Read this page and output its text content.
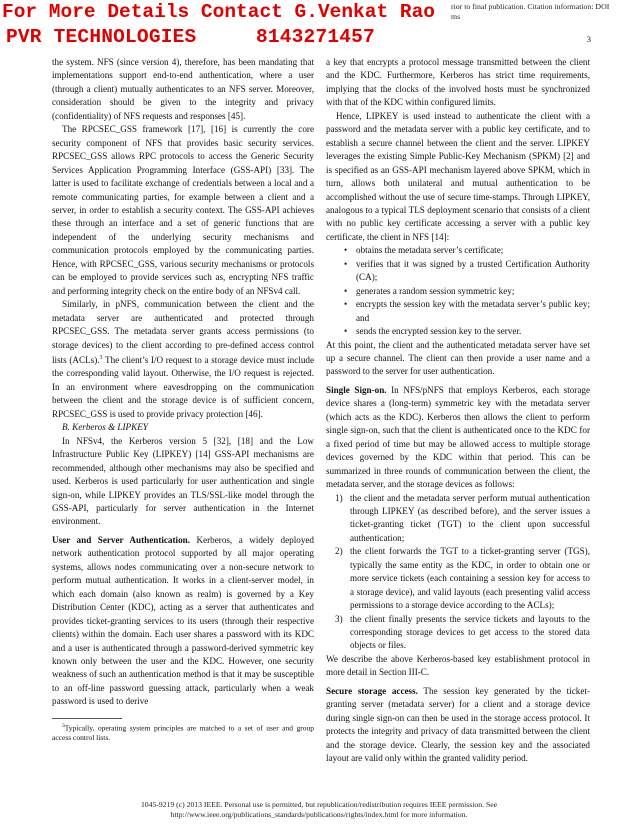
For More Details Contact G.Venkat Rao

PVR TECHNOLOGIES     8143271457

rior to final publication. Citation information: DOI
ms
3

the system. NFS (since version 4), therefore, has been mandating that implementations support end-to-end authentication, where a user (through a client) mutually authenticates to an NFS server. Moreover, consideration should be given to the integrity and privacy (confidentiality) of NFS requests and responses [45].

The RPCSEC_GSS framework [17], [16] is currently the core security component of NFS that provides basic security services. RPCSEC_GSS allows RPC protocols to access the Generic Security Services Application Programming Interface (GSS-API) [33]. The latter is used to facilitate exchange of credentials between a local and a remote communicating parties, for example between a client and a server, in order to establish a security context. The GSS-API achieves these through an interface and a set of generic functions that are independent of the underlying security mechanisms and communication protocols employed by the communicating parties. Hence, with RPCSEC_GSS, various security mechanisms or protocols can be employed to provide services such as, encrypting NFS traffic and performing integrity check on the entire body of an NFSv4 call.

Similarly, in pNFS, communication between the client and the metadata server are authenticated and protected through RPCSEC_GSS. The metadata server grants access permissions (to storage devices) to the client according to pre-defined access control lists (ACLs).$^3$ The client’s I/O request to a storage device must include the corresponding valid layout. Otherwise, the I/O request is rejected. In an environment where eavesdropping on the communication between the client and the storage device is of sufficient concern, RPCSEC_GSS is used to provide privacy protection [46].

B. Kerberos & LIPKEY

In NFSv4, the Kerberos version 5 [32], [18] and the Low Infrastructure Public Key (LIPKEY) [14] GSS-API mechanisms are recommended, although other mechanisms may also be specified and used. Kerberos is used particularly for user authentication and single sign-on, while LIPKEY provides an TLS/SSL-like model through the GSS-API, particularly for server authentication in the Internet environment.

User and Server Authentication. Kerberos, a widely deployed network authentication protocol supported by all major operating systems, allows nodes communicating over a non-secure network to perform mutual authentication. It works in a client-server model, in which each domain (also known as realm) is governed by a Key Distribution Center (KDC), acting as a server that authenticates and provides ticket-granting services to its users (through their respective clients) within the domain. Each user shares a password with its KDC and a user is authenticated through a password-derived symmetric key known only between the user and the KDC. However, one security weakness of such an authentication method is that it may be susceptible to an off-line password guessing attack, particularly when a weak password is used to derive

$^3$Typically, operating system principles are matched to a set of user and group access control lists.

a key that encrypts a protocol message transmitted between the client and the KDC. Furthermore, Kerberos has strict time requirements, implying that the clocks of the involved hosts must be synchronized with that of the KDC within configured limits.

Hence, LIPKEY is used instead to authenticate the client with a password and the metadata server with a public key certificate, and to establish a secure channel between the client and the server. LIPKEY leverages the existing Simple Public-Key Mechanism (SPKM) [2] and is specified as an GSS-API mechanism layered above SPKM, which in turn, allows both unilateral and mutual authentication to be accomplished without the use of secure time-stamps. Through LIPKEY, analogous to a typical TLS deployment scenario that consists of a client with no public key certificate accessing a server with a public key certificate, the client in NFS [14]:

• obtains the metadata server’s certificate;
• verifies that it was signed by a trusted Certification Authority (CA);
• generates a random session symmetric key;
• encrypts the session key with the metadata server’s public key; and
• sends the encrypted session key to the server.

At this point, the client and the authenticated metadata server have set up a secure channel. The client can then provide a user name and a password to the server for user authentication.

Single Sign-on. In NFS/pNFS that employs Kerberos, each storage device shares a (long-term) symmetric key with the metadata server (which acts as the KDC). Kerberos then allows the client to perform single sign-on, such that the client is authenticated once to the KDC for a fixed period of time but may be allowed access to multiple storage devices governed by the KDC within that period. This can be summarized in three rounds of communication between the client, the metadata server, and the storage devices as follows:

1) the client and the metadata server perform mutual authentication through LIPKEY (as described before), and the server issues a ticket-granting ticket (TGT) to the client upon successful authentication;
2) the client forwards the TGT to a ticket-granting server (TGS), typically the same entity as the KDC, in order to obtain one or more service tickets (each containing a session key for access to a storage device), and valid layouts (each presenting valid access permissions to a storage device according to the ACLs);
3) the client finally presents the service tickets and layouts to the corresponding storage devices to get access to the stored data objects or files.

We describe the above Kerberos-based key establishment protocol in more detail in Section III-C.

Secure storage access. The session key generated by the ticket-granting server (metadata server) for a client and a storage device during single sign-on can then be used in the storage access protocol. It protects the integrity and privacy of data transmitted between the client and the storage device. Clearly, the session key and the associated layout are valid only within the granted validity period.

1045-9219 (c) 2013 IEEE. Personal use is permitted, but republication/redistribution requires IEEE permission. See
http://www.ieee.org/publications_standards/publications/rights/index.html for more information.
